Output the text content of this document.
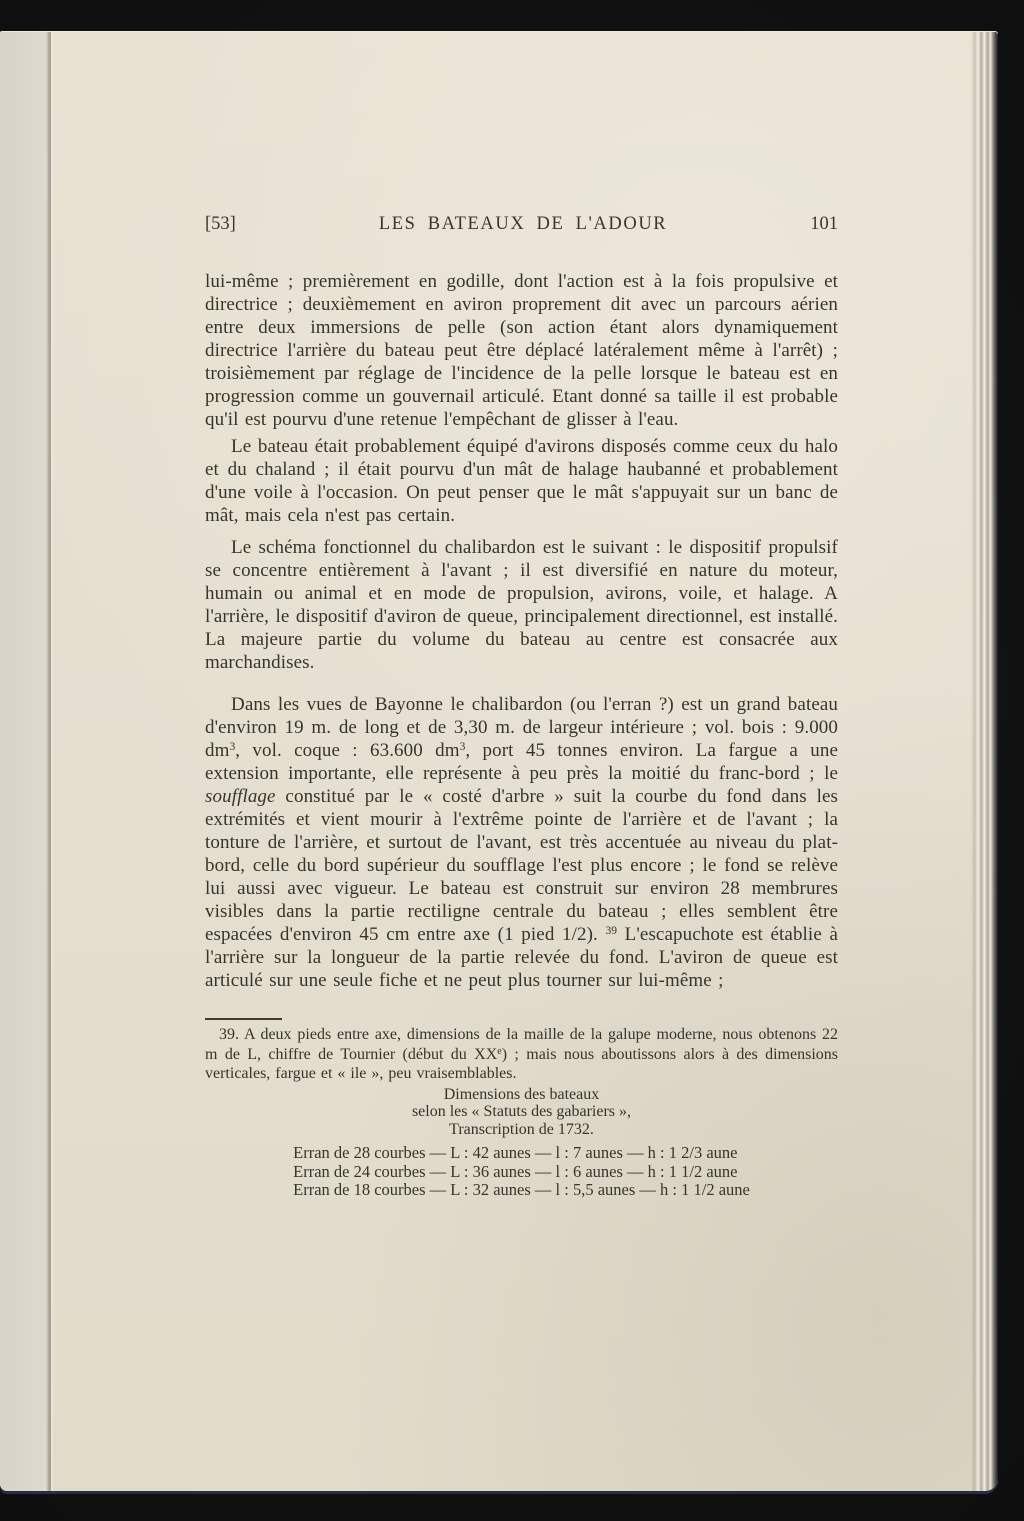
[53]	LES BATEAUX DE L'ADOUR	101

lui-même ; premièrement en godille, dont l'action est à la fois propulsive et directrice ; deuxièmement en aviron proprement dit avec un parcours aérien entre deux immersions de pelle (son action étant alors dynamiquement directrice l'arrière du bateau peut être déplacé latéralement même à l'arrêt) ; troisièmement par réglage de l'incidence de la pelle lorsque le bateau est en progression comme un gouvernail articulé. Etant donné sa taille il est probable qu'il est pourvu d'une retenue l'empêchant de glisser à l'eau.

Le bateau était probablement équipé d'avirons disposés comme ceux du halo et du chaland ; il était pourvu d'un mât de halage haubanné et probablement d'une voile à l'occasion. On peut penser que le mât s'appuyait sur un banc de mât, mais cela n'est pas certain.

Le schéma fonctionnel du chalibardon est le suivant : le dispositif propulsif se concentre entièrement à l'avant ; il est diversifié en nature du moteur, humain ou animal et en mode de propulsion, avirons, voile, et halage. A l'arrière, le dispositif d'aviron de queue, principalement directionnel, est installé. La majeure partie du volume du bateau au centre est consacrée aux marchandises.

Dans les vues de Bayonne le chalibardon (ou l'erran ?) est un grand bateau d'environ 19 m. de long et de 3,30 m. de largeur intérieure ; vol. bois : 9.000 $dm^3$, vol. coque : 63.600 $dm^3$, port 45 tonnes environ. La fargue a une extension importante, elle représente à peu près la moitié du franc-bord ; le soufflage constitué par le « costé d'arbre » suit la courbe du fond dans les extrémités et vient mourir à l'extrême pointe de l'arrière et de l'avant ; la tonture de l'arrière, et surtout de l'avant, est très accentuée au niveau du plat-bord, celle du bord supérieur du soufflage l'est plus encore ; le fond se relève lui aussi avec vigueur. Le bateau est construit sur environ 28 membrures visibles dans la partie rectiligne centrale du bateau ; elles semblent être espacées d'environ 45 cm entre axe (1 pied 1/2). $^{39}$ L'escapuchote est établie à l'arrière sur la longueur de la partie relevée du fond. L'aviron de queue est articulé sur une seule fiche et ne peut plus tourner sur lui-même ;

39. A deux pieds entre axe, dimensions de la maille de la galupe moderne, nous obtenons 22 m de L, chiffre de Tournier (début du XXe) ; mais nous aboutissons alors à des dimensions verticales, fargue et « ile », peu vraisemblables.

Dimensions des bateaux
selon les « Statuts des gabariers »,
Transcription de 1732.
Erran de 28 courbes — L : 42 aunes — l : 7 aunes — h : 1 2/3 aune
Erran de 24 courbes — L : 36 aunes — l : 6 aunes — h : 1 1/2 aune
Erran de 18 courbes — L : 32 aunes — l : 5,5 aunes — h : 1 1/2 aune
